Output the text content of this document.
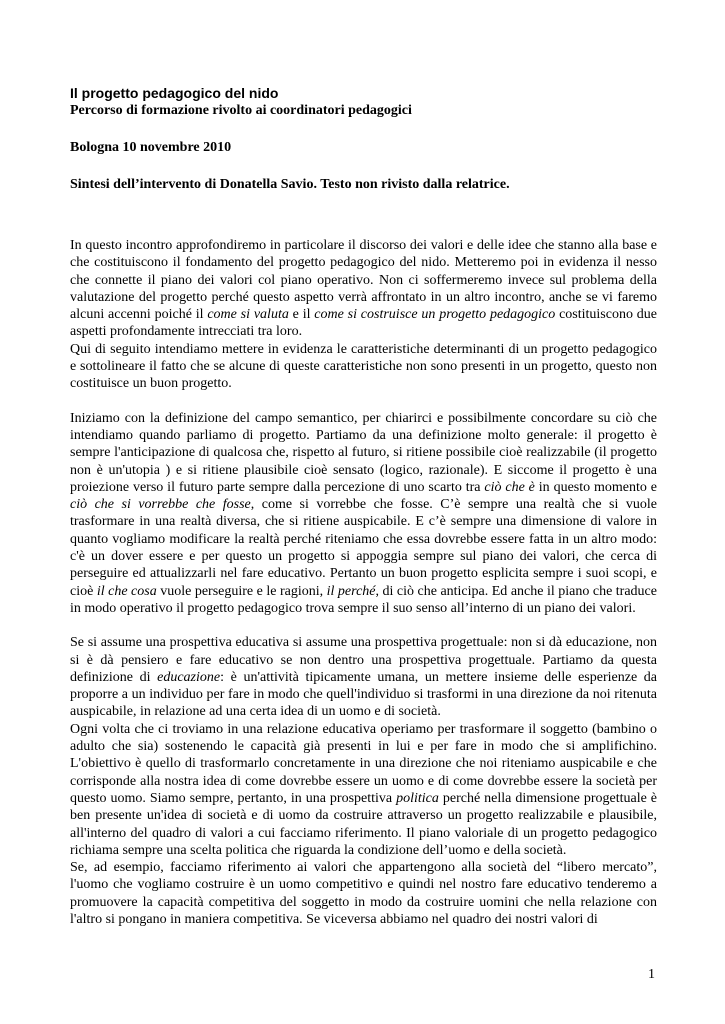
Il progetto pedagogico del nido

Percorso di formazione rivolto ai coordinatori pedagogici

Bologna 10 novembre 2010

Sintesi dell’intervento di Donatella Savio. Testo non rivisto dalla relatrice.

In questo incontro approfondiremo in particolare il discorso dei valori e delle idee che stanno alla base e che costituiscono il fondamento del progetto pedagogico del nido. Metteremo poi in evidenza il nesso che connette il piano dei valori col piano operativo. Non ci soffermeremo invece sul problema della valutazione del progetto perché questo aspetto verrà affrontato in un altro incontro, anche se vi faremo alcuni accenni poiché il come si valuta e il come si costruisce un progetto pedagogico costituiscono due aspetti profondamente intrecciati tra loro.

Qui di seguito intendiamo mettere in evidenza le caratteristiche determinanti di un progetto pedagogico e sottolineare il fatto che se alcune di queste caratteristiche non sono presenti in un progetto, questo non costituisce un buon progetto.

Iniziamo con la definizione del campo semantico, per chiarirci e possibilmente concordare su ciò che intendiamo quando parliamo di progetto. Partiamo da una definizione molto generale: il progetto è sempre l'anticipazione di qualcosa che, rispetto al futuro, si ritiene possibile cioè realizzabile (il progetto non è un'utopia ) e si ritiene plausibile cioè sensato (logico, razionale). E siccome il progetto è una proiezione verso il futuro parte sempre dalla percezione di uno scarto tra ciò che è in questo momento e ciò che si vorrebbe che fosse, come si vorrebbe che fosse. C’è sempre una realtà che si vuole trasformare in una realtà diversa, che si ritiene auspicabile. E c’è sempre una dimensione di valore in quanto vogliamo modificare la realtà perché riteniamo che essa dovrebbe essere fatta in un altro modo: c'è un dover essere e per questo un progetto si appoggia sempre sul piano dei valori, che cerca di perseguire ed attualizzarli nel fare educativo. Pertanto un buon progetto esplicita sempre i suoi scopi, e cioè il che cosa vuole perseguire e le ragioni, il perché, di ciò che anticipa. Ed anche il piano che traduce in modo operativo il progetto pedagogico trova sempre il suo senso all’interno di un piano dei valori.

Se si assume una prospettiva educativa si assume una prospettiva progettuale: non si dà educazione, non si è dà pensiero e fare educativo se non dentro una prospettiva progettuale. Partiamo da questa definizione di educazione: è un'attività tipicamente umana, un mettere insieme delle esperienze da proporre a un individuo per fare in modo che quell'individuo si trasformi in una direzione da noi ritenuta auspicabile, in relazione ad una certa idea di un uomo e di società.

Ogni volta che ci troviamo in una relazione educativa operiamo per trasformare il soggetto (bambino o adulto che sia) sostenendo le capacità già presenti in lui e per fare in modo che si amplifichino. L'obiettivo è quello di trasformarlo concretamente in una direzione che noi riteniamo auspicabile e che corrisponde alla nostra idea di come dovrebbe essere un uomo e di come dovrebbe essere la società per questo uomo. Siamo sempre, pertanto, in una prospettiva politica perché nella dimensione progettuale è ben presente un'idea di società e di uomo da costruire attraverso un progetto realizzabile e plausibile, all'interno del quadro di valori a cui facciamo riferimento. Il piano valoriale di un progetto pedagogico richiama sempre una scelta politica che riguarda la condizione dell’uomo e della società.

Se, ad esempio, facciamo riferimento ai valori che appartengono alla società del “libero mercato”, l'uomo che vogliamo costruire è un uomo competitivo e quindi nel nostro fare educativo tenderemo a promuovere la capacità competitiva del soggetto in modo da costruire uomini che nella relazione con l'altro si pongano in maniera competitiva. Se viceversa abbiamo nel quadro dei nostri valori di

1
